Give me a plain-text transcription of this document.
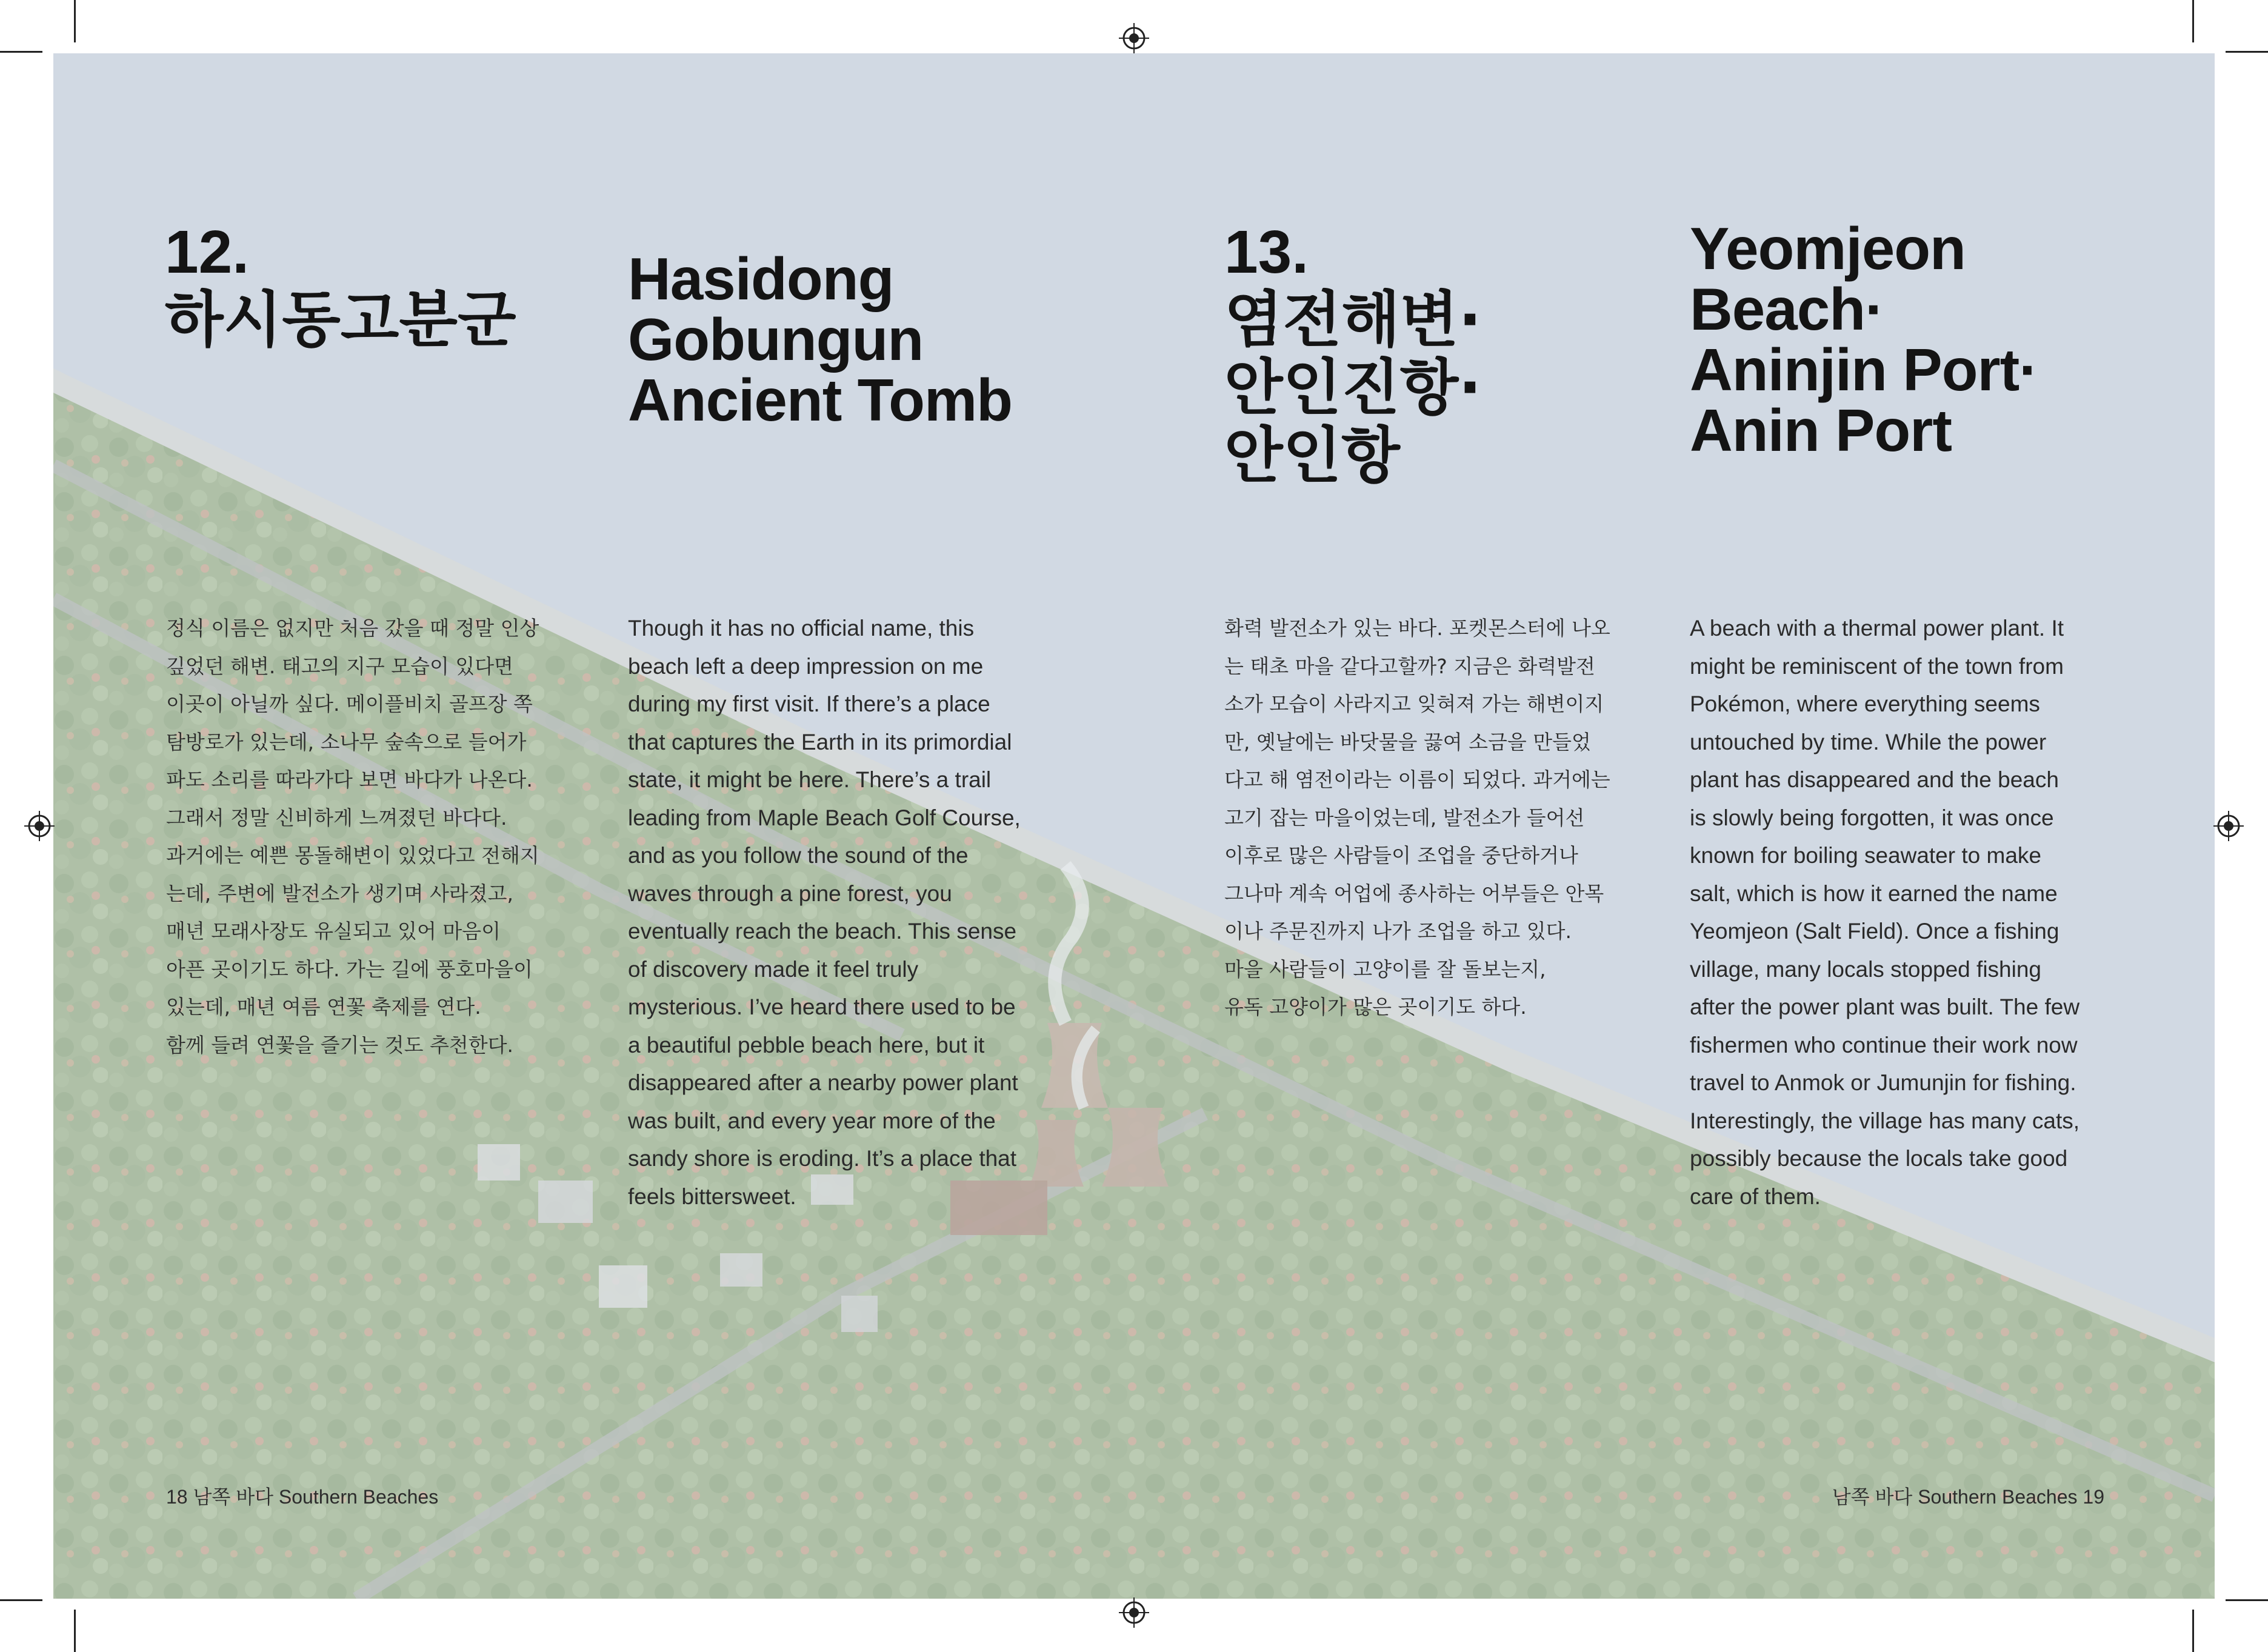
12.
하시동고분군
Hasidong
Gobungun
Ancient Tomb

정식 이름은 없지만 처음 갔을 때 정말 인상
깊었던 해변. 태고의 지구 모습이 있다면
이곳이 아닐까 싶다. 메이플비치 골프장 쪽
탐방로가 있는데, 소나무 숲속으로 들어가
파도 소리를 따라가다 보면 바다가 나온다.
그래서 정말 신비하게 느껴졌던 바다다.
과거에는 예쁜 몽돌해변이 있었다고 전해지
는데, 주변에 발전소가 생기며 사라졌고,
매년 모래사장도 유실되고 있어 마음이
아픈 곳이기도 하다. 가는 길에 풍호마을이
있는데, 매년 여름 연꽃 축제를 연다.
함께 들려 연꽃을 즐기는 것도 추천한다.

Though it has no official name, this
beach left a deep impression on me
during my first visit. If there’s a place
that captures the Earth in its primordial
state, it might be here. There’s a trail
leading from Maple Beach Golf Course,
and as you follow the sound of the
waves through a pine forest, you
eventually reach the beach. This sense
of discovery made it feel truly
mysterious. I’ve heard there used to be
a beautiful pebble beach here, but it
disappeared after a nearby power plant
was built, and every year more of the
sandy shore is eroding. It’s a place that
feels bittersweet.

18 남쪽 바다 Southern Beaches
13.
염전해변·
안인진항·
안인항
Yeomjeon
Beach·
Aninjin Port·
Anin Port

화력 발전소가 있는 바다. 포켓몬스터에 나오
는 태초 마을 같다고할까? 지금은 화력발전
소가 모습이 사라지고 잊혀져 가는 해변이지
만, 옛날에는 바닷물을 끓여 소금을 만들었
다고 해 염전이라는 이름이 되었다. 과거에는
고기 잡는 마을이었는데, 발전소가 들어선
이후로 많은 사람들이 조업을 중단하거나
그나마 계속 어업에 종사하는 어부들은 안목
이나 주문진까지 나가 조업을 하고 있다.
마을 사람들이 고양이를 잘 돌보는지,
유독 고양이가 많은 곳이기도 하다.

A beach with a thermal power plant. It
might be reminiscent of the town from
Pokémon, where everything seems
untouched by time. While the power
plant has disappeared and the beach
is slowly being forgotten, it was once
known for boiling seawater to make
salt, which is how it earned the name
Yeomjeon (Salt Field). Once a fishing
village, many locals stopped fishing
after the power plant was built. The few
fishermen who continue their work now
travel to Anmok or Jumunjin for fishing.
Interestingly, the village has many cats,
possibly because the locals take good
care of them.

남쪽 바다 Southern Beaches 19
